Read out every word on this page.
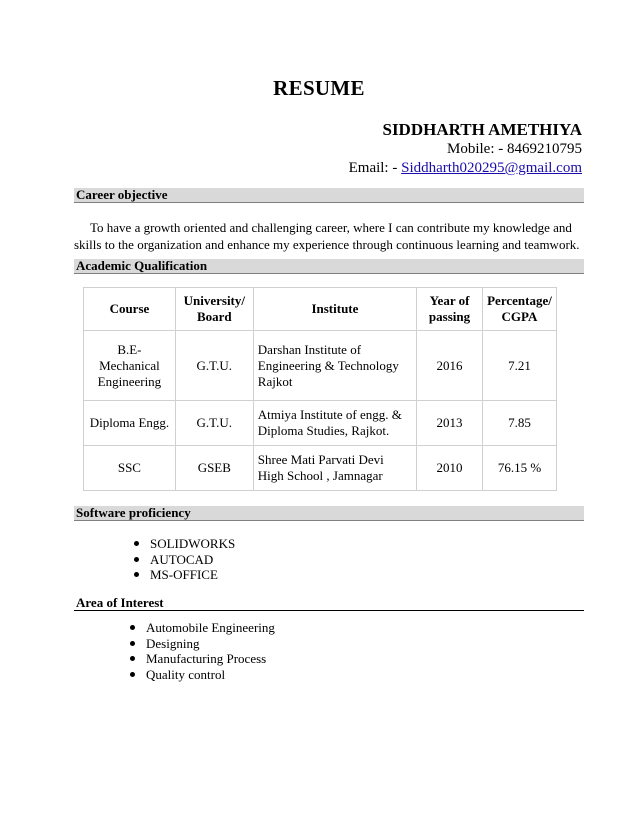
RESUME
SIDDHARTH AMETHIYA
Mobile: - 8469210795
Email: - Siddharth020295@gmail.com
Career objective
To have a growth oriented and challenging career, where I can contribute my knowledge and skills to the organization and enhance my experience through continuous learning and teamwork.
Academic Qualification
Course	University/ Board	Institute	Year of passing	Percentage/ CGPA
B.E- Mechanical Engineering	G.T.U.	Darshan Institute of Engineering & Technology Rajkot	2016	7.21
Diploma Engg.	G.T.U.	Atmiya Institute of engg. & Diploma Studies, Rajkot.	2013	7.85
SSC	GSEB	Shree Mati Parvati Devi High School , Jamnagar	2010	76.15 %
Software proficiency
SOLIDWORKS
AUTOCAD
MS-OFFICE
Area of Interest
Automobile Engineering
Designing
Manufacturing Process
Quality control
